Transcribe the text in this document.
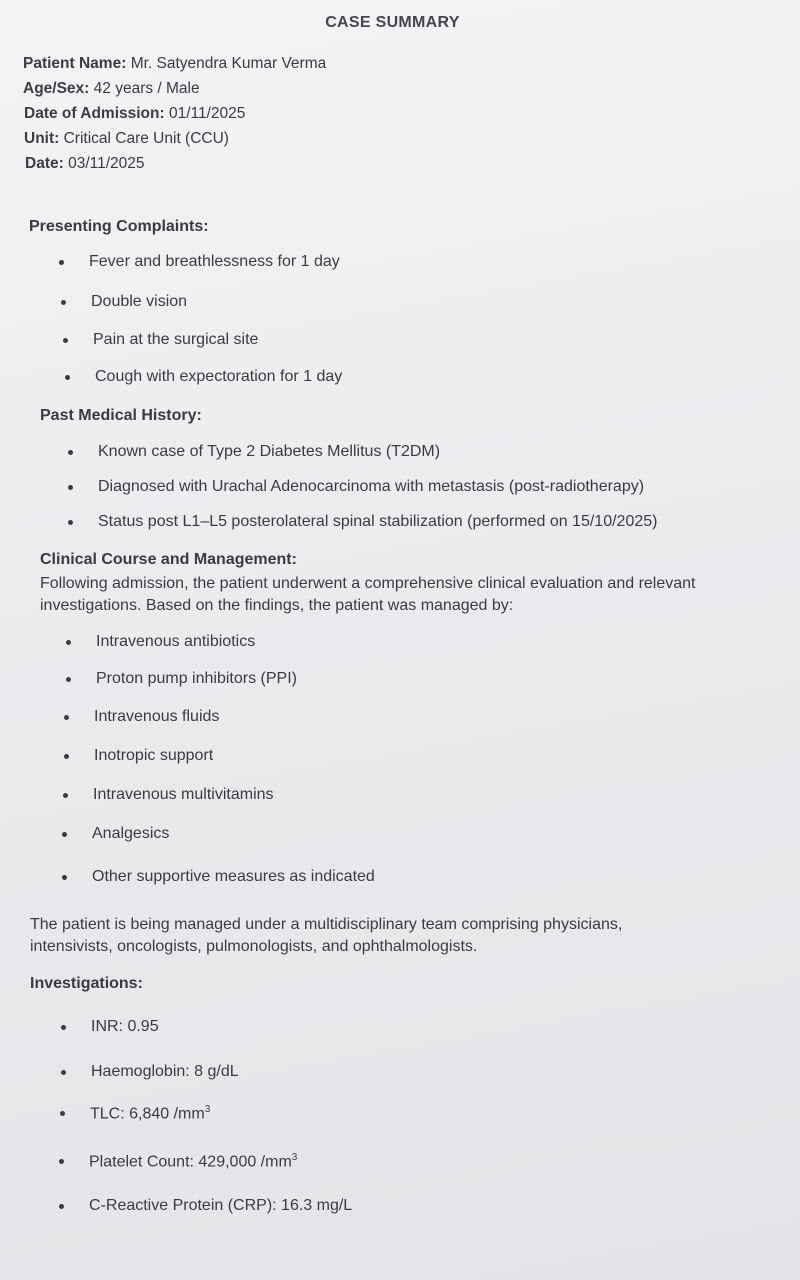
CASE SUMMARY
Patient Name: Mr. Satyendra Kumar Verma
Age/Sex: 42 years / Male
Date of Admission: 01/11/2025
Unit: Critical Care Unit (CCU)
Date: 03/11/2025
Presenting Complaints:
Fever and breathlessness for 1 day
Double vision
Pain at the surgical site
Cough with expectoration for 1 day
Past Medical History:
Known case of Type 2 Diabetes Mellitus (T2DM)
Diagnosed with Urachal Adenocarcinoma with metastasis (post-radiotherapy)
Status post L1–L5 posterolateral spinal stabilization (performed on 15/10/2025)
Clinical Course and Management:
Following admission, the patient underwent a comprehensive clinical evaluation and relevant
investigations. Based on the findings, the patient was managed by:
Intravenous antibiotics
Proton pump inhibitors (PPI)
Intravenous fluids
Inotropic support
Intravenous multivitamins
Analgesics
Other supportive measures as indicated
The patient is being managed under a multidisciplinary team comprising physicians,
intensivists, oncologists, pulmonologists, and ophthalmologists.
Investigations:
INR: 0.95
Haemoglobin: 8 g/dL
TLC: 6,840 $/mm^3$
Platelet Count: 429,000 $/mm^3$
C-Reactive Protein (CRP): 16.3 mg/L
